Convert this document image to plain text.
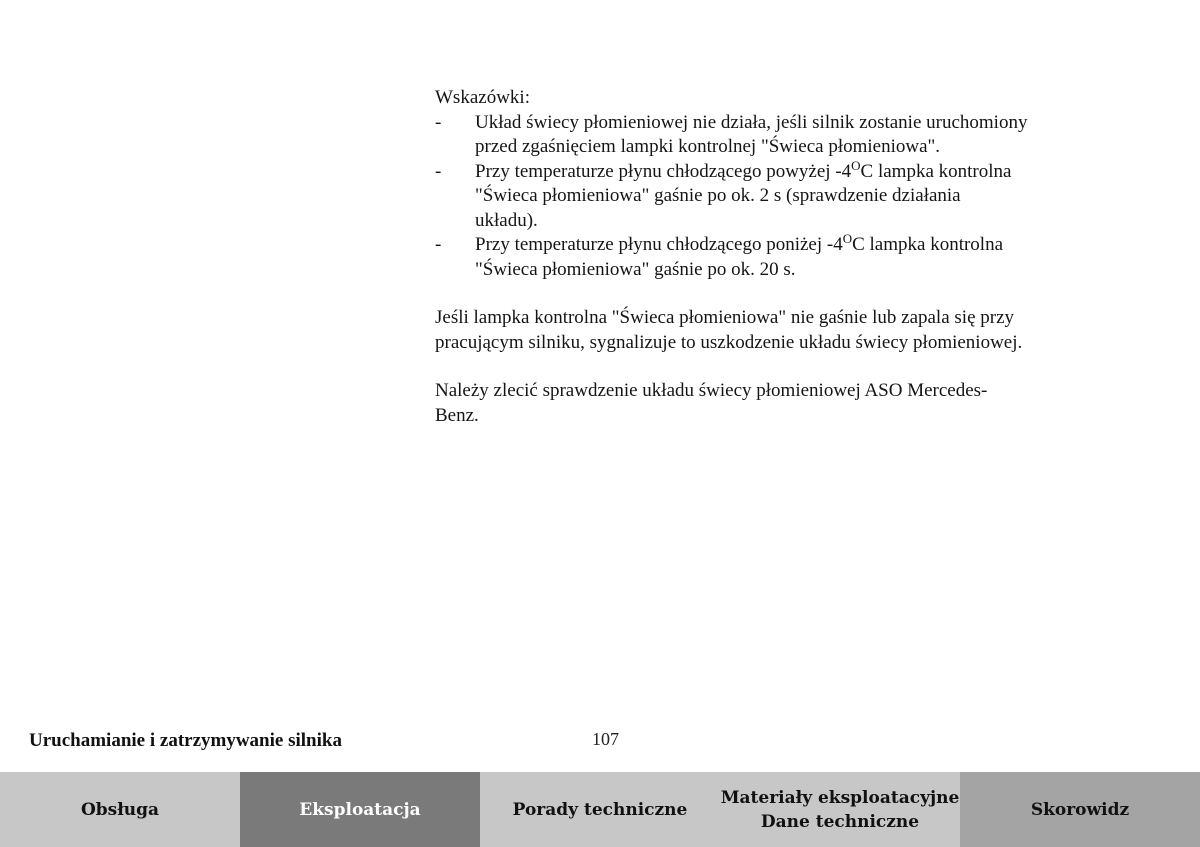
Wskazówki:

- Układ świecy płomieniowej nie działa, jeśli silnik zostanie uruchomiony
przed zgaśnięciem lampki kontrolnej "Świeca płomieniowa".
- Przy temperaturze płynu chłodzącego powyżej $-4^OC$ lampka kontrolna
"Świeca płomieniowa" gaśnie po ok. 2 s (sprawdzenie działania
układu).
- Przy temperaturze płynu chłodzącego poniżej $-4^OC$ lampka kontrolna
"Świeca płomieniowa" gaśnie po ok. 20 s.

Jeśli lampka kontrolna "Świeca płomieniowa" nie gaśnie lub zapala się przy
pracującym silniku, sygnalizuje to uszkodzenie układu świecy płomieniowej.

Należy zlecić sprawdzenie układu świecy płomieniowej ASO Mercedes-
Benz.

Uruchamianie i zatrzymywanie silnika	107
Obsługa	Eksploatacja	Porady techniczne
Materiały eksploatacyjne
Dane techniczne
Skorowidz
